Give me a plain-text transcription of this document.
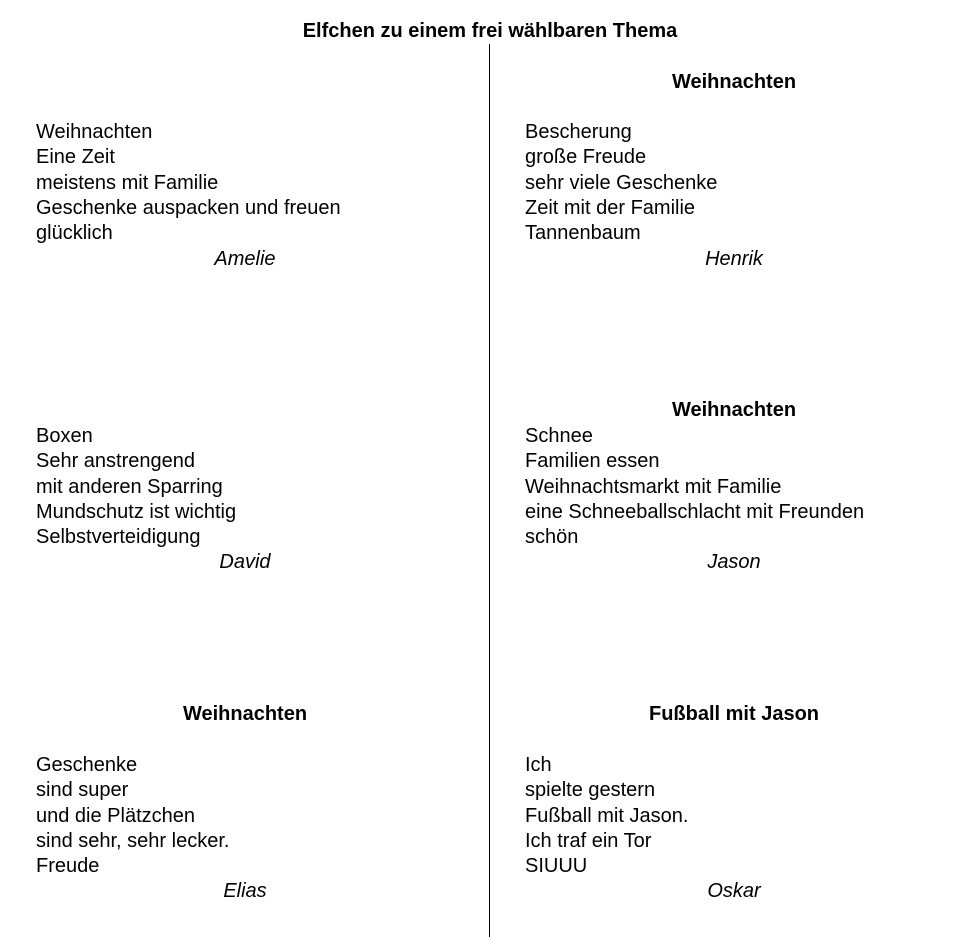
Elfchen zu einem frei wählbaren Thema
Weihnachten
Eine Zeit
meistens mit Familie
Geschenke auspacken und freuen
glücklich
Amelie
Weihnachten
Bescherung
große Freude
sehr viele Geschenke
Zeit mit der Familie
Tannenbaum
Henrik
Boxen
Sehr anstrengend
mit anderen Sparring
Mundschutz ist wichtig
Selbstverteidigung
David
Weihnachten
Schnee
Familien essen
Weihnachtsmarkt mit Familie
eine Schneeballschlacht mit Freunden
schön
Jason
Weihnachten
Geschenke
sind super
und die Plätzchen
sind sehr, sehr lecker.
Freude
Elias
Fußball mit Jason
Ich
spielte gestern
Fußball mit Jason.
Ich traf ein Tor
SIUUU
Oskar
